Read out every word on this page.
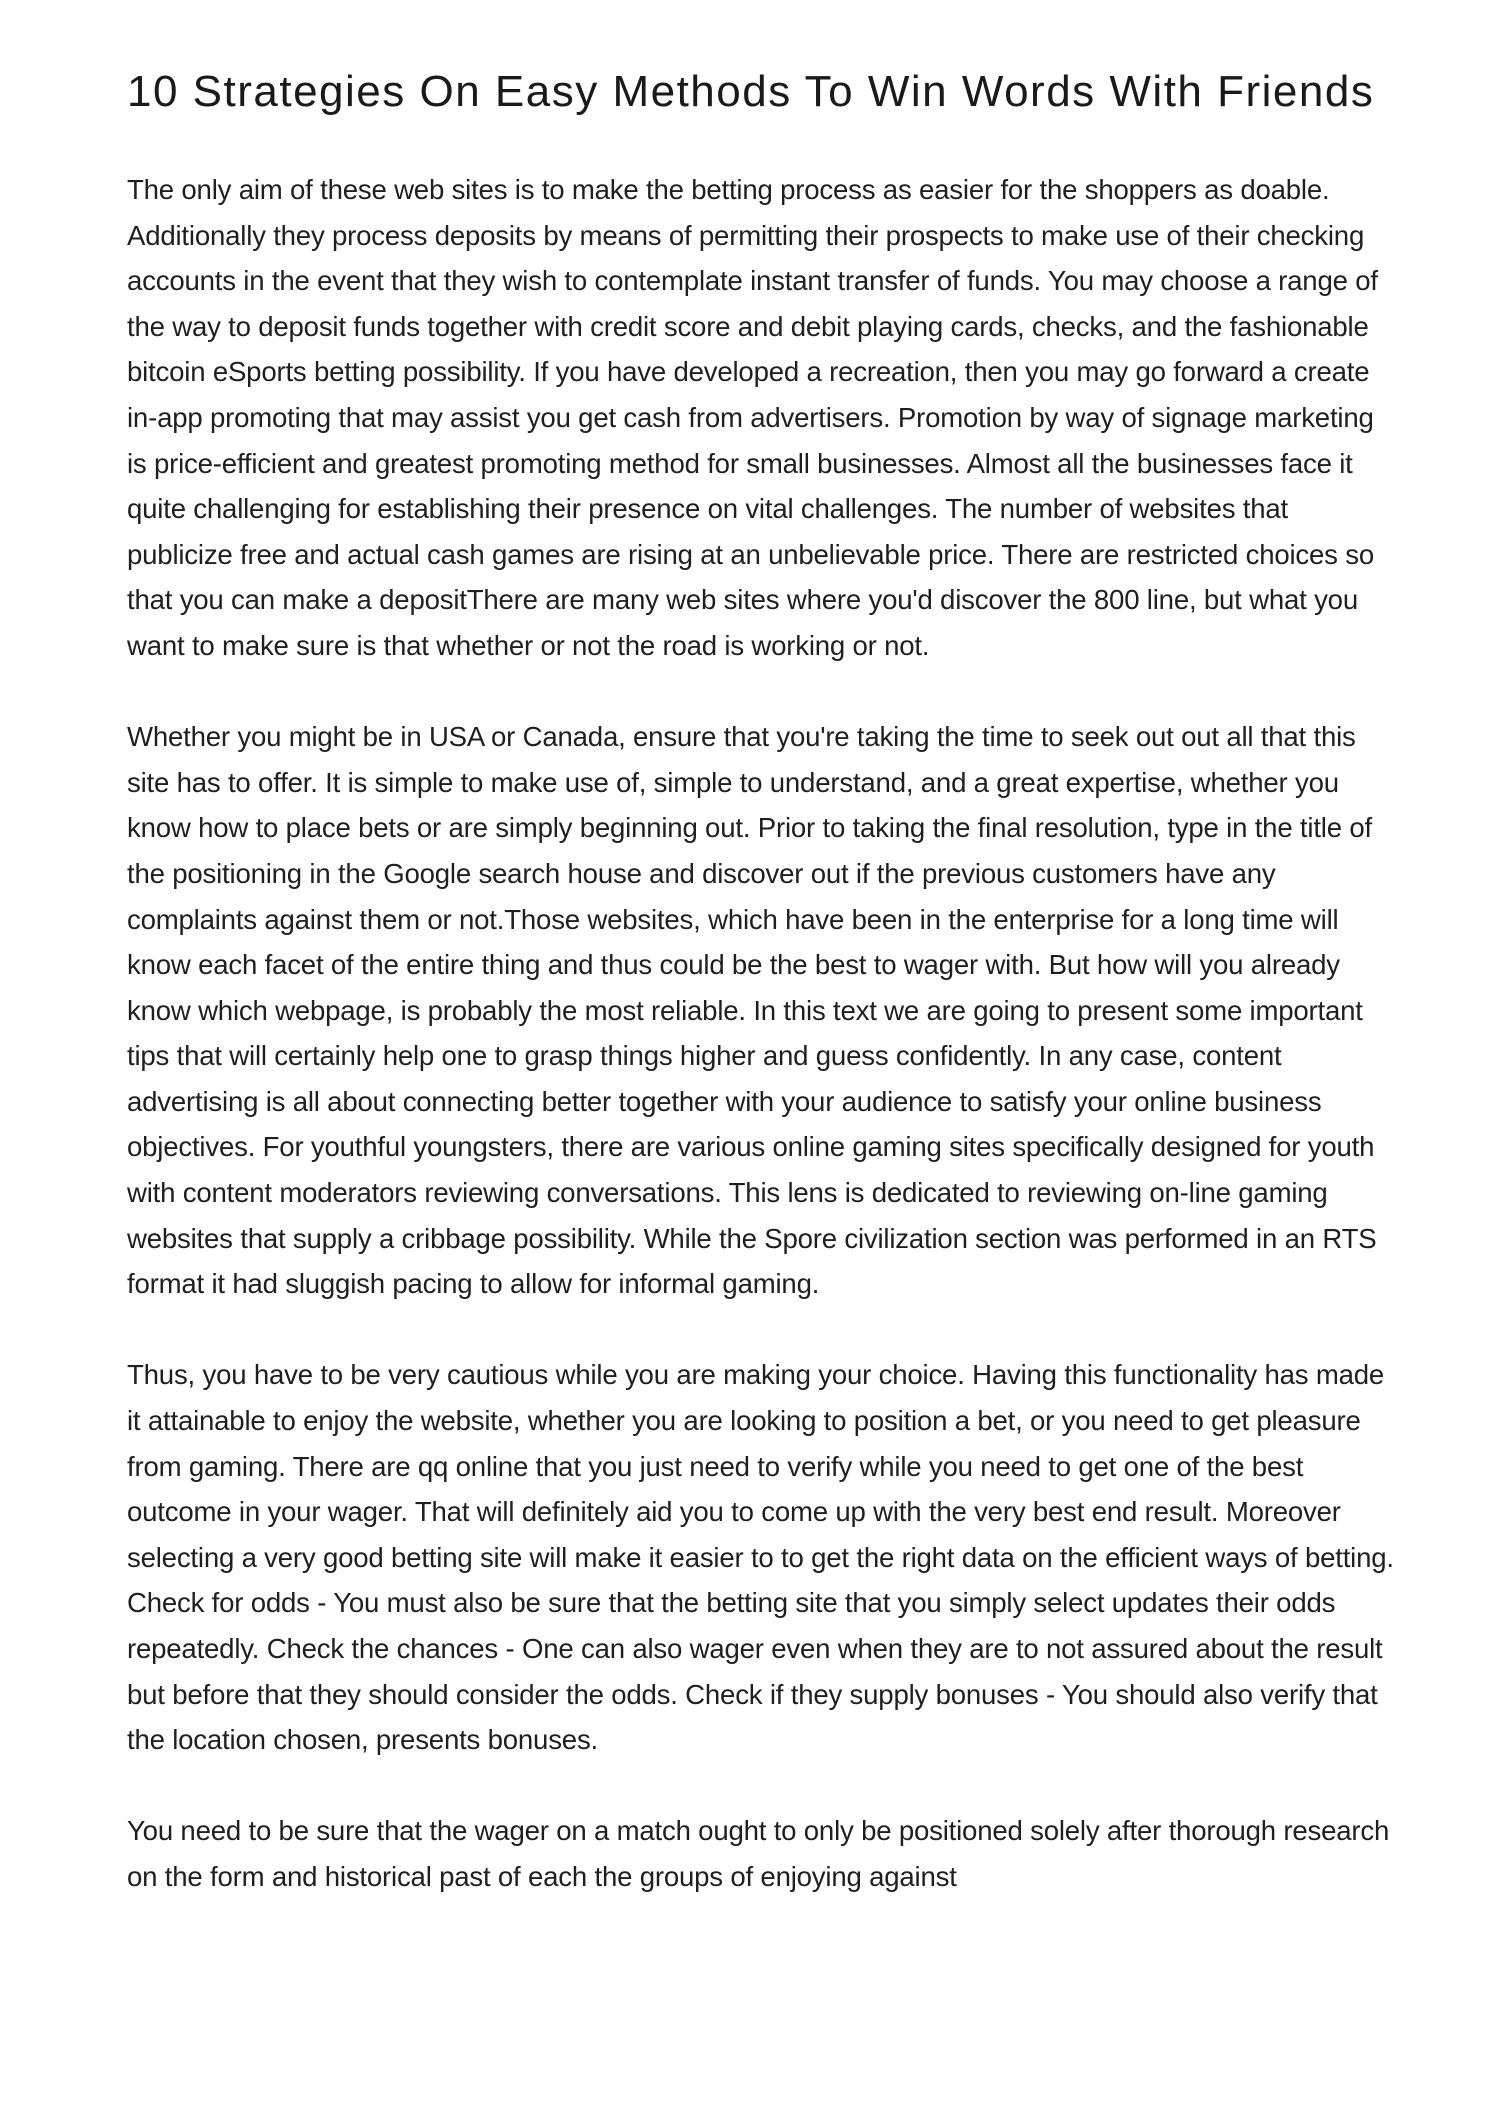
10 Strategies On Easy Methods To Win Words With Friends

The only aim of these web sites is to make the betting process as easier for the shoppers as doable. Additionally they process deposits by means of permitting their prospects to make use of their checking accounts in the event that they wish to contemplate instant transfer of funds. You may choose a range of the way to deposit funds together with credit score and debit playing cards, checks, and the fashionable bitcoin eSports betting possibility. If you have developed a recreation, then you may go forward a create in-app promoting that may assist you get cash from advertisers. Promotion by way of signage marketing is price-efficient and greatest promoting method for small businesses. Almost all the businesses face it quite challenging for establishing their presence on vital challenges. The number of websites that publicize free and actual cash games are rising at an unbelievable price. There are restricted choices so that you can make a depositThere are many web sites where you'd discover the 800 line, but what you want to make sure is that whether or not the road is working or not.

Whether you might be in USA or Canada, ensure that you're taking the time to seek out out all that this site has to offer. It is simple to make use of, simple to understand, and a great expertise, whether you know how to place bets or are simply beginning out. Prior to taking the final resolution, type in the title of the positioning in the Google search house and discover out if the previous customers have any complaints against them or not.Those websites, which have been in the enterprise for a long time will know each facet of the entire thing and thus could be the best to wager with. But how will you already know which webpage, is probably the most reliable. In this text we are going to present some important tips that will certainly help one to grasp things higher and guess confidently. In any case, content advertising is all about connecting better together with your audience to satisfy your online business objectives. For youthful youngsters, there are various online gaming sites specifically designed for youth with content moderators reviewing conversations. This lens is dedicated to reviewing on-line gaming websites that supply a cribbage possibility. While the Spore civilization section was performed in an RTS format it had sluggish pacing to allow for informal gaming.

Thus, you have to be very cautious while you are making your choice. Having this functionality has made it attainable to enjoy the website, whether you are looking to position a bet, or you need to get pleasure from gaming. There are qq online that you just need to verify while you need to get one of the best outcome in your wager. That will definitely aid you to come up with the very best end result. Moreover selecting a very good betting site will make it easier to to get the right data on the efficient ways of betting. Check for odds - You must also be sure that the betting site that you simply select updates their odds repeatedly. Check the chances - One can also wager even when they are to not assured about the result but before that they should consider the odds. Check if they supply bonuses - You should also verify that the location chosen, presents bonuses.

You need to be sure that the wager on a match ought to only be positioned solely after thorough research on the form and historical past of each the groups of enjoying against
